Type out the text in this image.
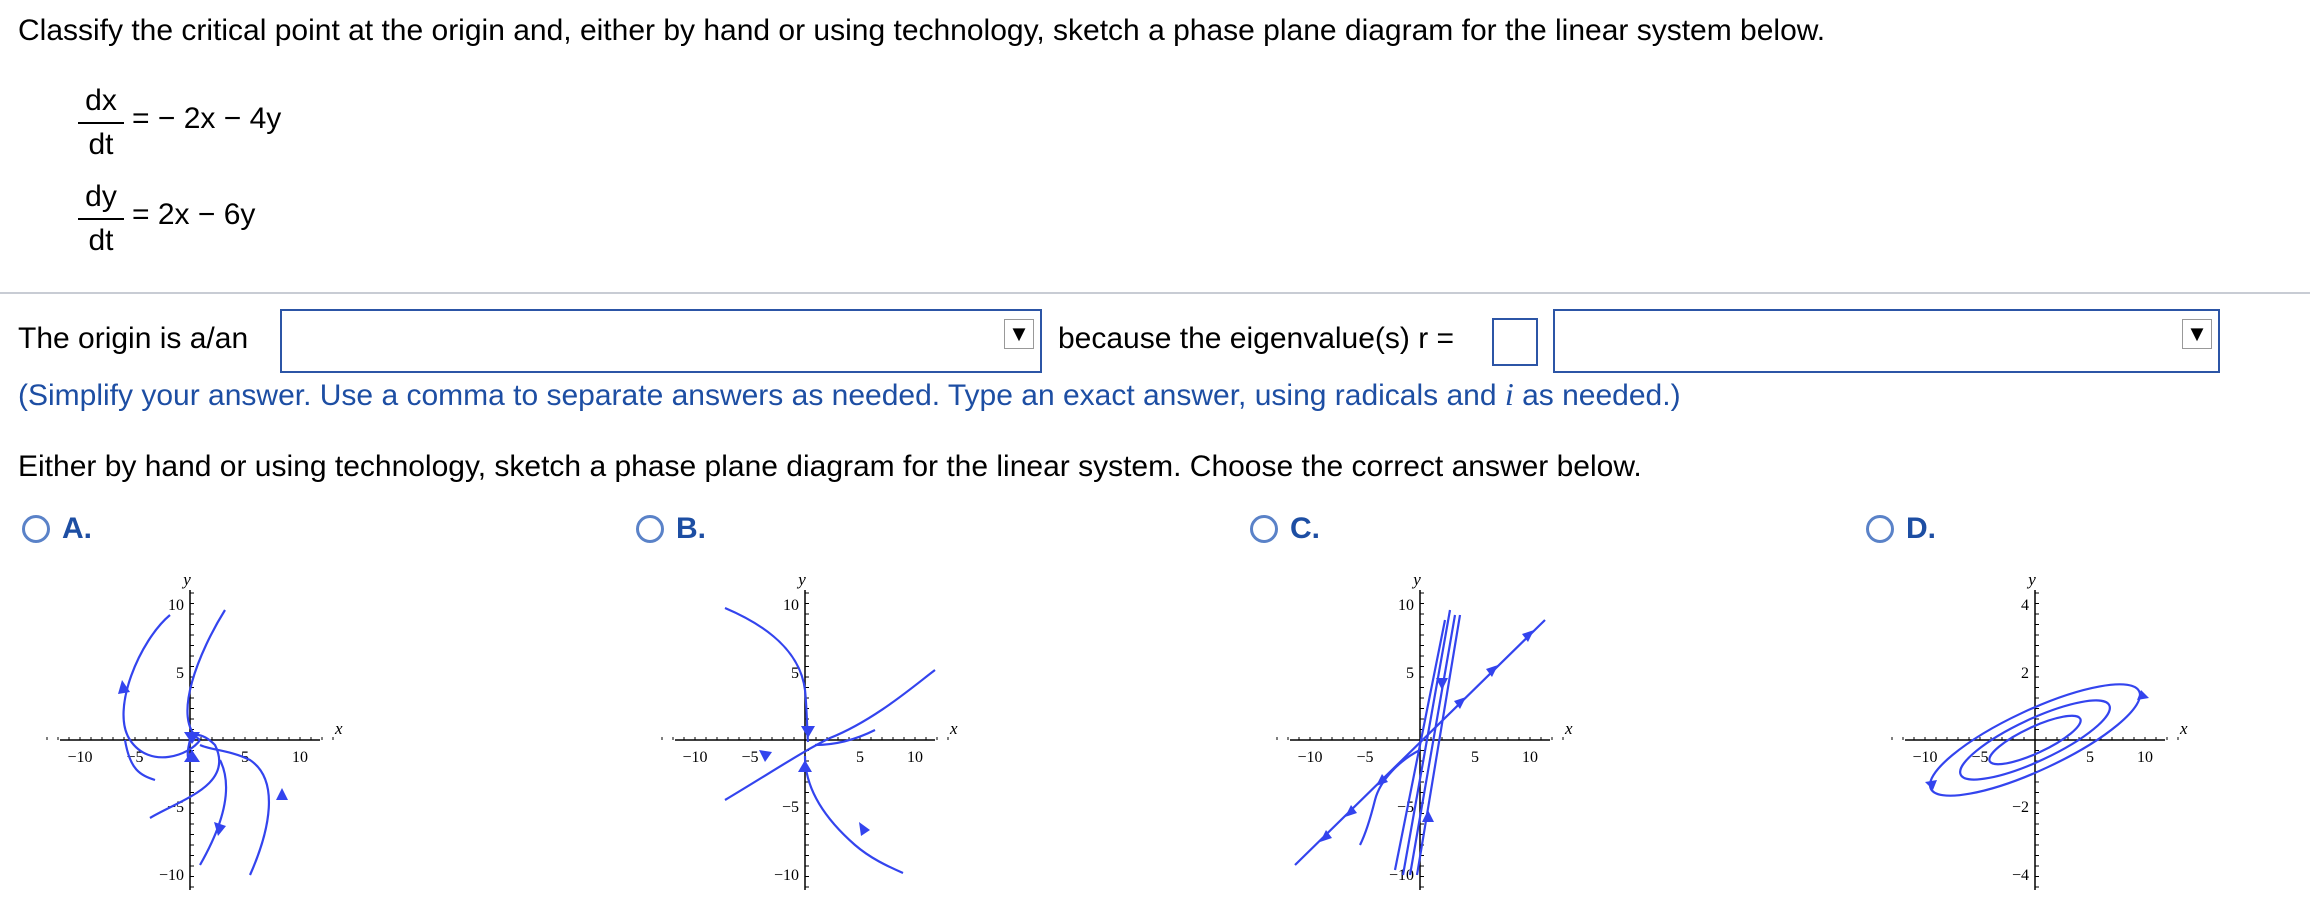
Classify the critical point at the origin and, either by hand or using technology, sketch a phase plane diagram for the linear system below.
dx
dt
= − 2x − 4y
dy
dt
= 2x − 6y
The origin is a/an	▼ because the eigenvalue(s) r =	▼
(Simplify your answer. Use a comma to separate answers as needed. Type an exact answer, using radicals and i as needed.)
Either by hand or using technology, sketch a phase plane diagram for the linear system. Choose the correct answer below.
A.	B.	C.	D.
−10 −5	5	10
10
5
−5
−10
x
y
−10 −5	5	10
10
5
−5
−10
x
y
−10 −5	5	10
10
5
−5
−10
x
y
−10 −5	5	10
4
2
−2
−4
x
y
